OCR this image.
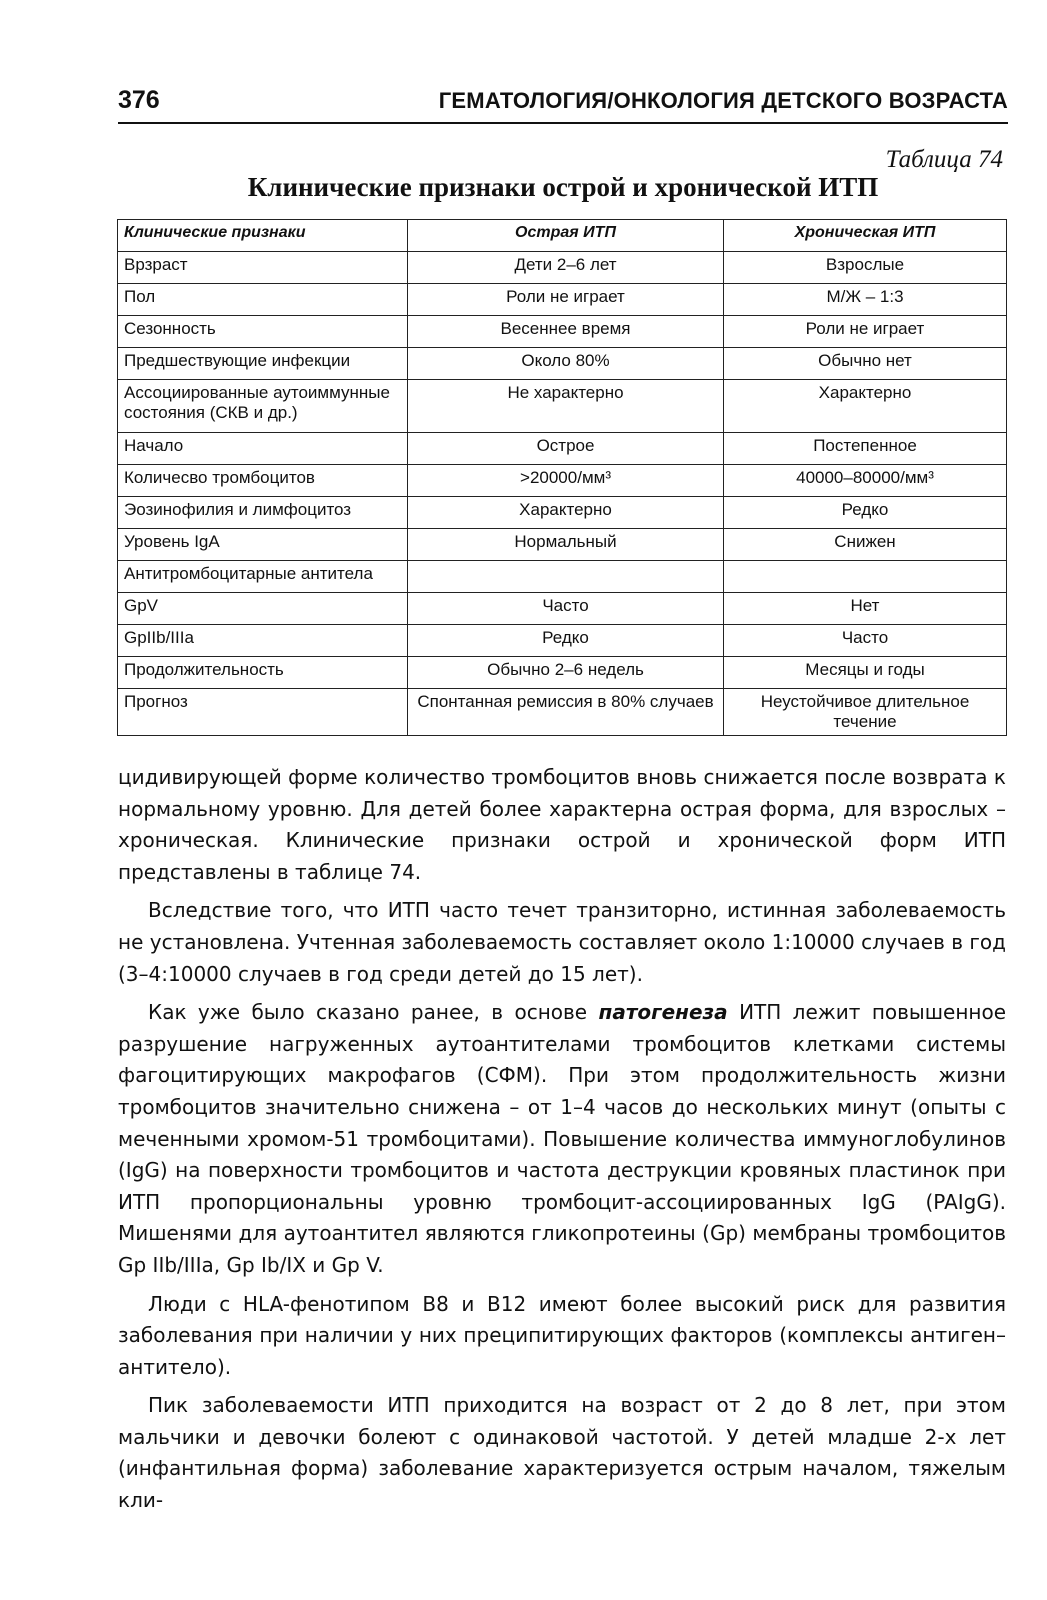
376	ГЕМАТОЛОГИЯ/ОНКОЛОГИЯ ДЕТСКОГО ВОЗРАСТА
Таблица 74
Клинические признаки острой и хронической ИТП
Клинические признаки	Острая ИТП	Хроническая ИТП
Врзраст	Дети 2–6 лет	Взрослые
Пол	Роли не играет	М/Ж – 1:3
Сезонность	Весеннее время	Роли не играет
Предшествующие инфекции	Около 80%	Обычно нет
Ассоциированные аутоиммунные состояния (СКВ и др.)	Не характерно	Характерно
Начало	Острое	Постепенное
Количесво тромбоцитов	>20000/мм³	40000–80000/мм³
Эозинофилия и лимфоцитоз	Характерно	Редко
Уровень IgA	Нормальный	Снижен
Антитромбоцитарные антитела		
GpV	Часто	Нет
GpIIb/IIIa	Редко	Часто
Продолжительность	Обычно 2–6 недель	Месяцы и годы
Прогноз	Спонтанная ремиссия в 80% случаев	Неустойчивое длительное течение

цидивирующей форме количество тромбоцитов вновь снижается после возврата к нормальному уровню. Для детей более характерна острая форма, для взрослых – хроническая. Клинические признаки острой и хронической форм ИТП представлены в таблице 74.

Вследствие того, что ИТП часто течет транзиторно, истинная заболеваемость не установлена. Учтенная заболеваемость составляет около 1:10000 случаев в год (3–4:10000 случаев в год среди детей до 15 лет).

Как уже было сказано ранее, в основе патогенеза ИТП лежит повышенное разрушение нагруженных аутоантителами тромбоцитов клетками системы фагоцитирующих макрофагов (СФМ). При этом продолжительность жизни тромбоцитов значительно снижена – от 1–4 часов до нескольких минут (опыты с меченными хромом-51 тромбоцитами). Повышение количества иммуноглобулинов (IgG) на поверхности тромбоцитов и частота деструкции кровяных пластинок при ИТП пропорциональны уровню тромбоцит-ассоциированных IgG (PAIgG). Мишенями для аутоантител являются гликопротеины (Gp) мембраны тромбоцитов Gp IIb/IIIa, Gp Ib/IX и Gp V.

Люди с HLA-фенотипом В8 и В12 имеют более высокий риск для развития заболевания при наличии у них преципитирующих факторов (комплексы антиген–антитело).

Пик заболеваемости ИТП приходится на возраст от 2 до 8 лет, при этом мальчики и девочки болеют с одинаковой частотой. У детей младше 2-х лет (инфантильная форма) заболевание характеризуется острым началом, тяжелым кли-
